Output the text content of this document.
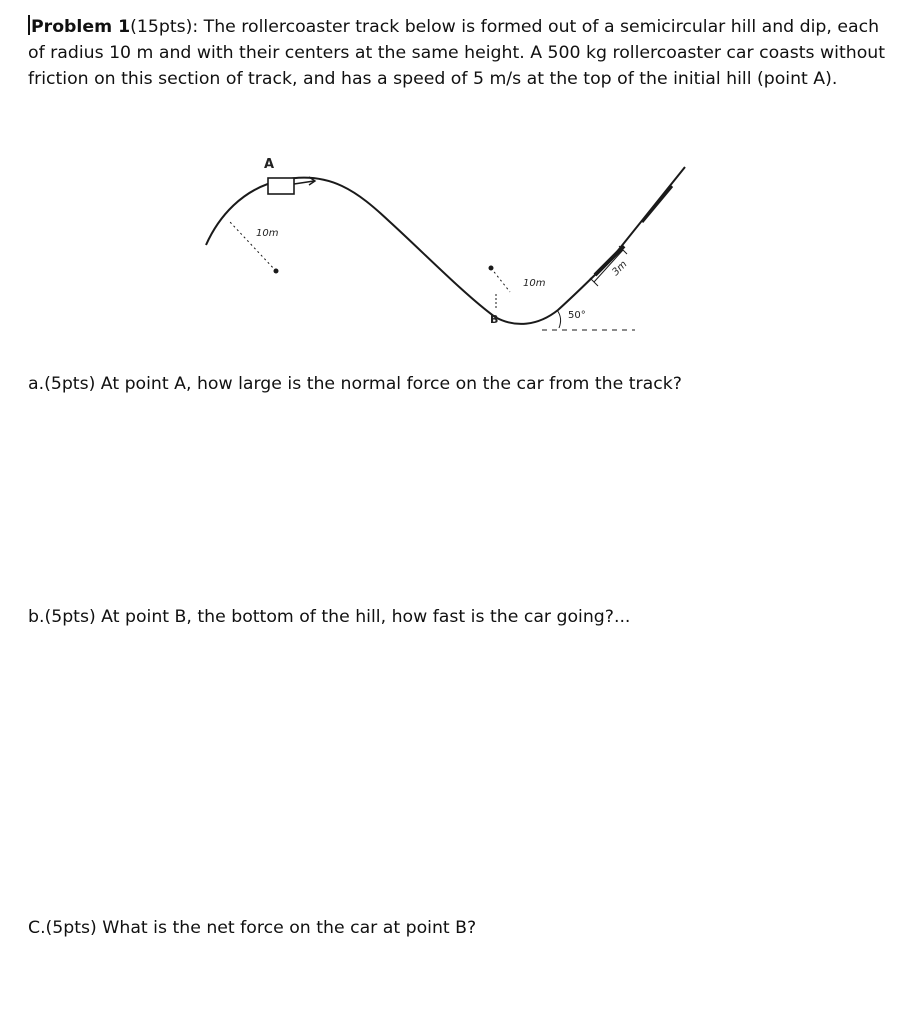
Problem 1(15pts): The rollercoaster track below is formed out of a semicircular hill and dip, each of radius 10 m and with their centers at the same height. A 500 kg rollercoaster car coasts without friction on this section of track, and has a speed of 5 m/s at the top of the initial hill (point A).

A
10m
10m
B	50°
3m

a.(5pts) At point A, how large is the normal force on the car from the track?

b.(5pts) At point B, the bottom of the hill, how fast is the car going?...

C.(5pts) What is the net force on the car at point B?
